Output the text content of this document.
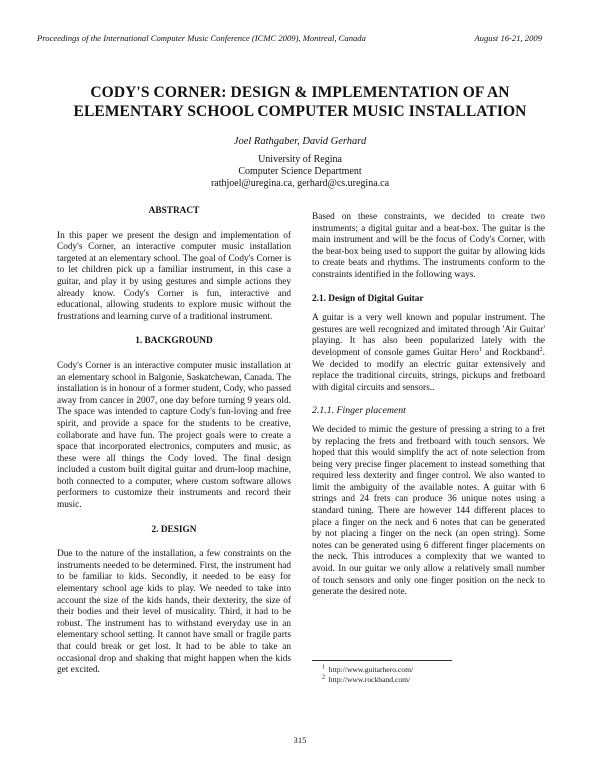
Proceedings of the International Computer Music Conference (ICMC 2009), Montreal, Canada	August 16-21, 2009
CODY'S CORNER: DESIGN & IMPLEMENTATION OF AN
ELEMENTARY SCHOOL COMPUTER MUSIC INSTALLATION
Joel Rathgaber, David Gerhard
University of Regina
Computer Science Department
rathjoel@uregina.ca, gerhard@cs.uregina.ca
ABSTRACT

In this paper we present the design and implementation of Cody's Corner, an interactive computer music installation targeted at an elementary school. The goal of Cody's Corner is to let children pick up a familiar instrument, in this case a guitar, and play it by using gestures and simple actions they already know. Cody's Corner is fun, interactive and educational, allowing students to explore music without the frustrations and learning curve of a traditional instrument.

1. BACKGROUND

Cody's Corner is an interactive computer music installation at an elementary school in Balgonie, Saskatchewan, Canada. The installation is in honour of a former student, Cody, who passed away from cancer in 2007, one day before turning 9 years old. The space was intended to capture Cody's fun-loving and free spirit, and provide a space for the students to be creative, collaborate and have fun. The project goals were to create a space that incorporated electronics, computers and music, as these were all things the Cody loved. The final design included a custom built digital guitar and drum-loop machine, both connected to a computer, where custom software allows performers to customize their instruments and record their music.

2. DESIGN

Due to the nature of the installation, a few constraints on the instruments needed to be determined. First, the instrument had to be familiar to kids. Secondly, it needed to be easy for elementary school age kids to play. We needed to take into account the size of the kids hands, their dexterity, the size of their bodies and their level of musicality. Third, it had to be robust. The instrument has to withstand everyday use in an elementary school setting. It cannot have small or fragile parts that could break or get lost. It had to be able to take an occasional drop and shaking that might happen when the kids get excited.

Based on these constraints, we decided to create two instruments; a digital guitar and a beat-box. The guitar is the main instrument and will be the focus of Cody's Corner, with the beat-box being used to support the guitar by allowing kids to create beats and rhythms. The instruments conform to the constraints identified in the following ways.

2.1. Design of Digital Guitar

A guitar is a very well known and popular instrument. The gestures are well recognized and imitated through 'Air Guitar' playing. It has also been popularized lately with the development of console games Guitar Hero$^1$ and Rockband$^2$. We decided to modify an electric guitar extensively and replace the traditional circuits, strings, pickups and fretboard with digital circuits and sensors..

2.1.1. Finger placement

We decided to mimic the gesture of pressing a string to a fret by replacing the frets and fretboard with touch sensors. We hoped that this would simplify the act of note selection from being very precise finger placement to instead something that required less dexterity and finger control. We also wanted to limit the ambiguity of the available notes. A guitar with 6 strings and 24 frets can produce 36 unique notes using a standard tuning. There are however 144 different places to place a finger on the neck and 6 notes that can be generated by not placing a finger on the neck (an open string). Some notes can be generated using 6 different finger placements on the neck. This introduces a complexity that we wanted to avoid. In our guitar we only allow a relatively small number of touch sensors and only one finger position on the neck to generate the desired note.

$^1$ http://www.guitarhero.com/
$^2$ http://www.rockband.com/
315
